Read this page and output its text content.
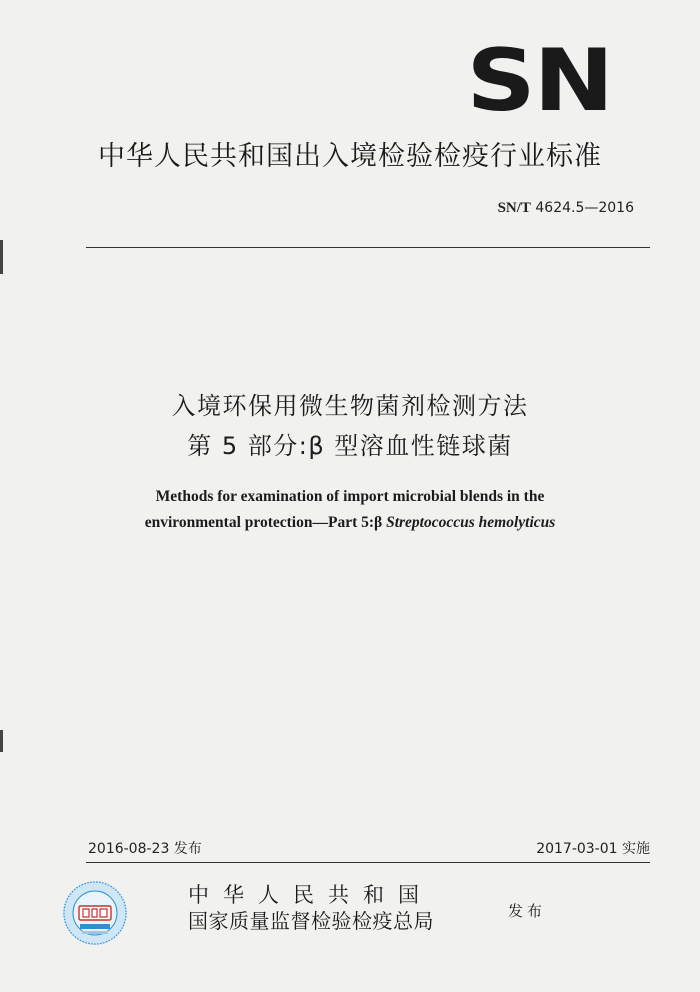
SN
中华人民共和国出入境检验检疫行业标准
SN/T 4624.5—2016
入境环保用微生物菌剂检测方法
第 5 部分:β 型溶血性链球菌
Methods for examination of import microbial blends in the
environmental protection—Part 5:β Streptococcus hemolyticus
2016-08-23 发布	2017-03-01 实施
中华人民共和国
国家质量监督检验检疫总局	发布
